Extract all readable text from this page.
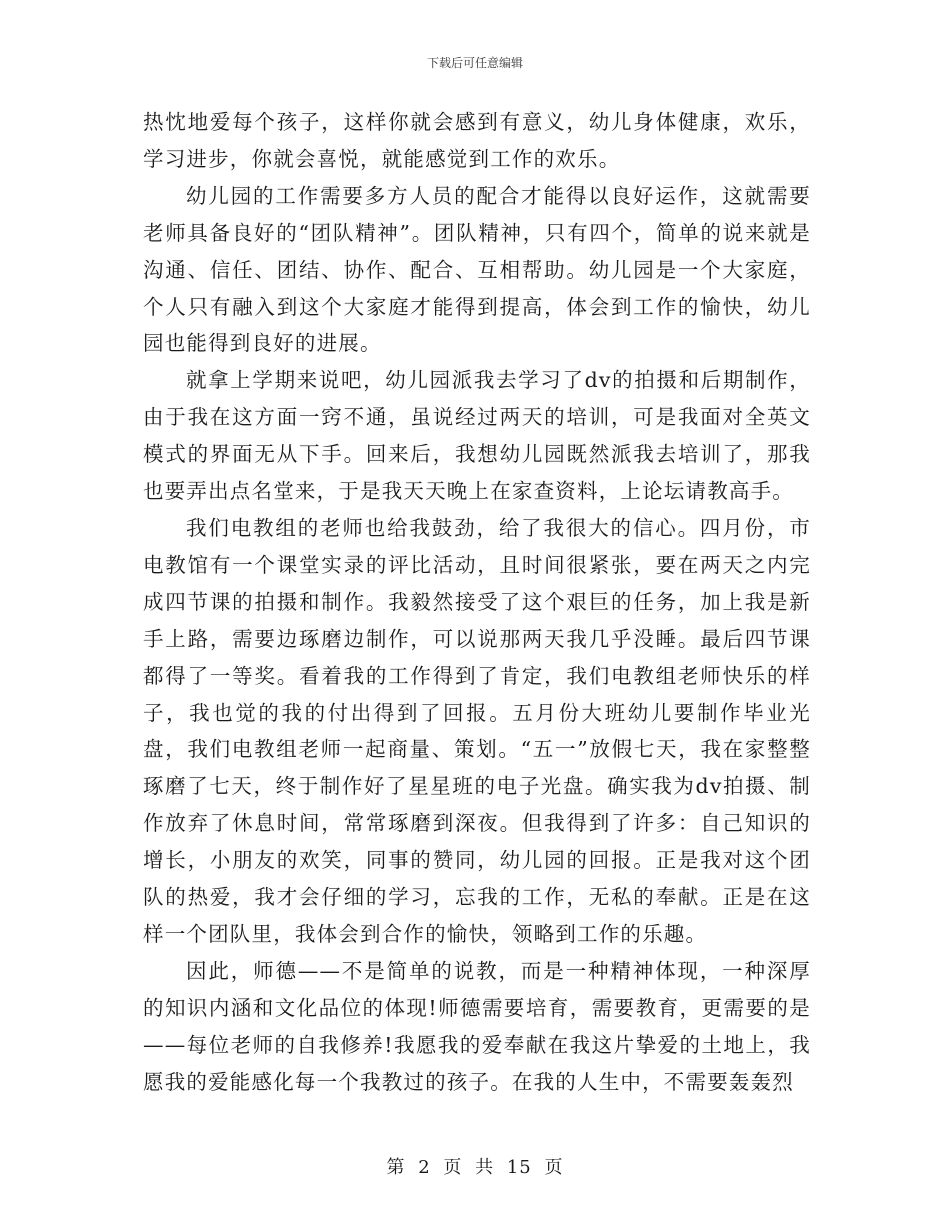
下载后可任意编辑

热忱地爱每个孩子，这样你就会感到有意义，幼儿身体健康，欢乐，学习进步，你就会喜悦，就能感觉到工作的欢乐。

幼儿园的工作需要多方人员的配合才能得以良好运作，这就需要老师具备良好的“团队精神”。团队精神，只有四个，简单的说来就是沟通、信任、团结、协作、配合、互相帮助。幼儿园是一个大家庭，个人只有融入到这个大家庭才能得到提高，体会到工作的愉快，幼儿园也能得到良好的进展。

就拿上学期来说吧，幼儿园派我去学习了dv的拍摄和后期制作，由于我在这方面一窍不通，虽说经过两天的培训，可是我面对全英文模式的界面无从下手。回来后，我想幼儿园既然派我去培训了，那我也要弄出点名堂来，于是我天天晚上在家查资料，上论坛请教高手。

我们电教组的老师也给我鼓劲，给了我很大的信心。四月份，市电教馆有一个课堂实录的评比活动，且时间很紧张，要在两天之内完成四节课的拍摄和制作。我毅然接受了这个艰巨的任务，加上我是新手上路，需要边琢磨边制作，可以说那两天我几乎没睡。最后四节课都得了一等奖。看着我的工作得到了肯定，我们电教组老师快乐的样子，我也觉的我的付出得到了回报。五月份大班幼儿要制作毕业光盘，我们电教组老师一起商量、策划。“五一”放假七天，我在家整整琢磨了七天，终于制作好了星星班的电子光盘。确实我为dv拍摄、制作放弃了休息时间，常常琢磨到深夜。但我得到了许多：自己知识的增长，小朋友的欢笑，同事的赞同，幼儿园的回报。正是我对这个团队的热爱，我才会仔细的学习，忘我的工作，无私的奉献。正是在这样一个团队里，我体会到合作的愉快，领略到工作的乐趣。

因此，师德——不是简单的说教，而是一种精神体现，一种深厚的知识内涵和文化品位的体现!师德需要培育，需要教育，更需要的是——每位老师的自我修养!我愿我的爱奉献在我这片挚爱的土地上，我愿我的爱能感化每一个我教过的孩子。在我的人生中，不需要轰轰烈

第 2 页 共 15 页
